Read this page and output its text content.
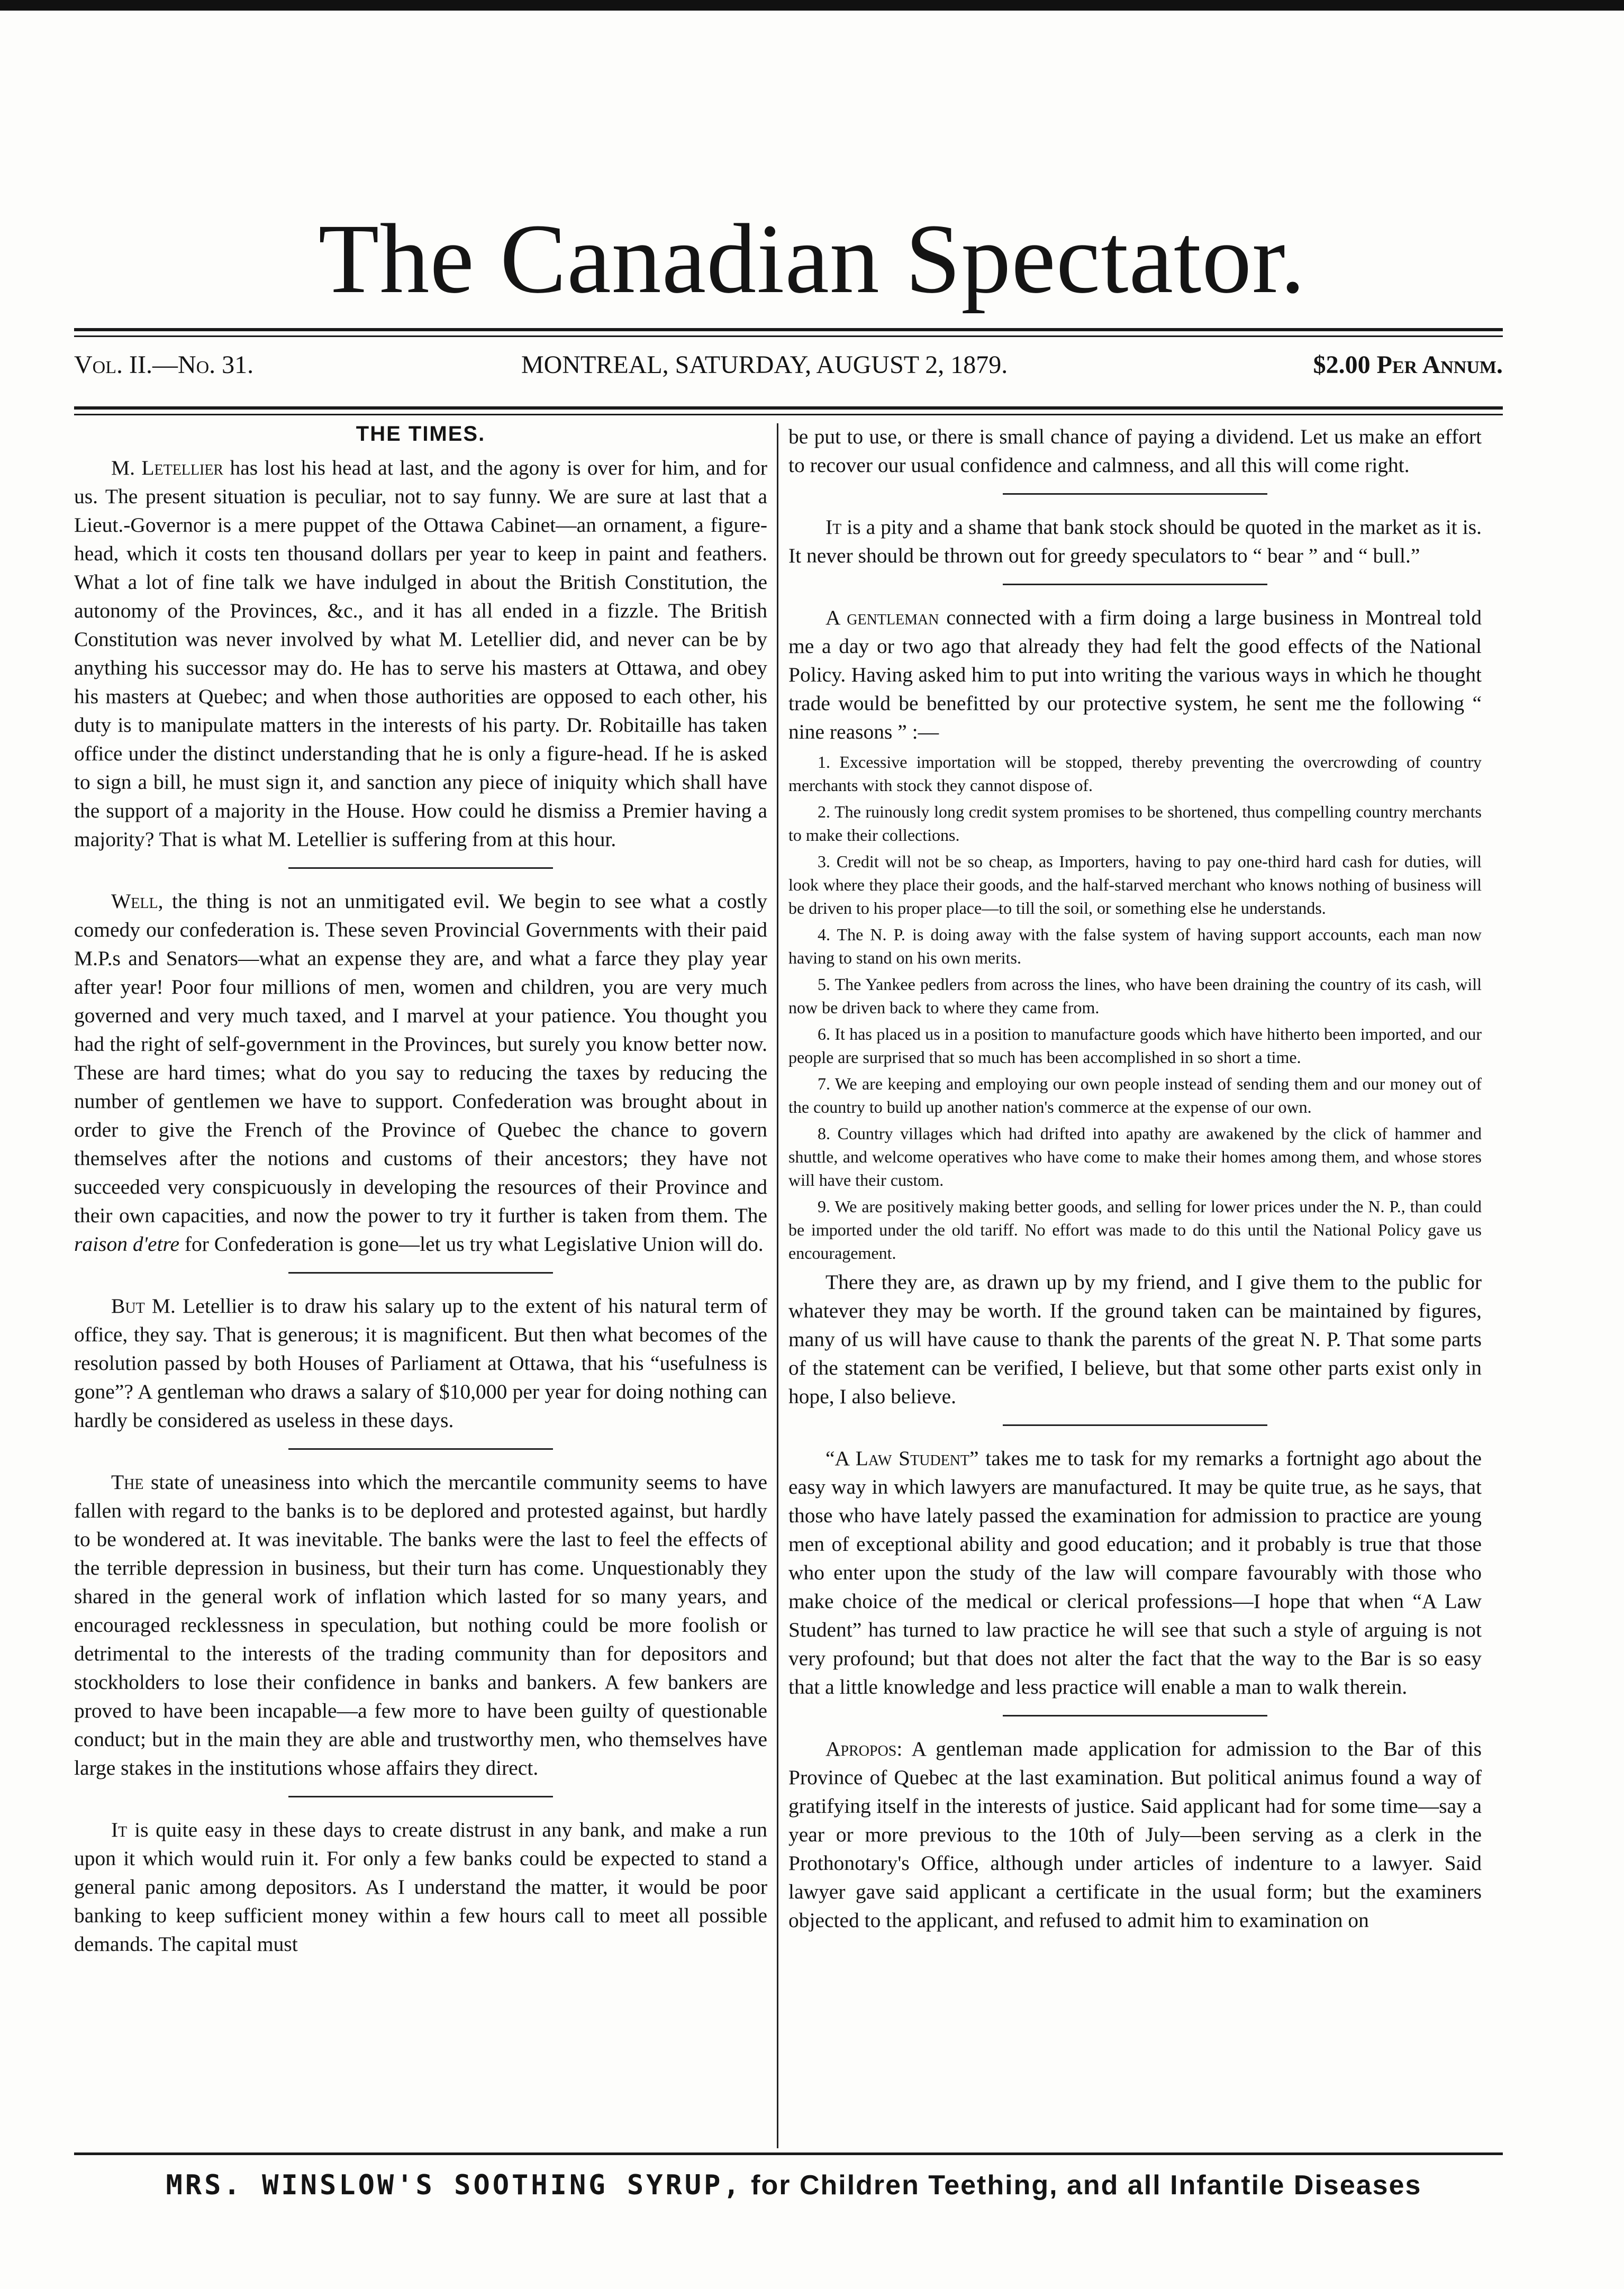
The Canadian Spectator.
Vol. II.—No. 31.	MONTREAL, SATURDAY, AUGUST 2, 1879.	$2.00 Per Annum.
THE TIMES.

M. Letellier has lost his head at last, and the agony is over for him, and for us. The present situation is peculiar, not to say funny. We are sure at last that a Lieut.-Governor is a mere puppet of the Ottawa Cabinet—an ornament, a figure-head, which it costs ten thousand dollars per year to keep in paint and feathers. What a lot of fine talk we have indulged in about the British Constitution, the autonomy of the Provinces, &c., and it has all ended in a fizzle. The British Constitution was never involved by what M. Letellier did, and never can be by anything his successor may do. He has to serve his masters at Ottawa, and obey his masters at Quebec; and when those authorities are opposed to each other, his duty is to manipulate matters in the interests of his party. Dr. Robitaille has taken office under the distinct understanding that he is only a figure-head. If he is asked to sign a bill, he must sign it, and sanction any piece of iniquity which shall have the support of a majority in the House. How could he dismiss a Premier having a majority? That is what M. Letellier is suffering from at this hour.

Well, the thing is not an unmitigated evil. We begin to see what a costly comedy our confederation is. These seven Provincial Governments with their paid M.P.s and Senators—what an expense they are, and what a farce they play year after year! Poor four millions of men, women and children, you are very much governed and very much taxed, and I marvel at your patience. You thought you had the right of self-government in the Provinces, but surely you know better now. These are hard times; what do you say to reducing the taxes by reducing the number of gentlemen we have to support. Confederation was brought about in order to give the French of the Province of Quebec the chance to govern themselves after the notions and customs of their ancestors; they have not succeeded very conspicuously in developing the resources of their Province and their own capacities, and now the power to try it further is taken from them. The raison d'etre for Confederation is gone—let us try what Legislative Union will do.

But M. Letellier is to draw his salary up to the extent of his natural term of office, they say. That is generous; it is magnificent. But then what becomes of the resolution passed by both Houses of Parliament at Ottawa, that his “usefulness is gone”? A gentleman who draws a salary of $10,000 per year for doing nothing can hardly be considered as useless in these days.

The state of uneasiness into which the mercantile community seems to have fallen with regard to the banks is to be deplored and protested against, but hardly to be wondered at. It was inevitable. The banks were the last to feel the effects of the terrible depression in business, but their turn has come. Unquestionably they shared in the general work of inflation which lasted for so many years, and encouraged recklessness in speculation, but nothing could be more foolish or detrimental to the interests of the trading community than for depositors and stockholders to lose their confidence in banks and bankers. A few bankers are proved to have been incapable—a few more to have been guilty of questionable conduct; but in the main they are able and trustworthy men, who themselves have large stakes in the institutions whose affairs they direct.

It is quite easy in these days to create distrust in any bank, and make a run upon it which would ruin it. For only a few banks could be expected to stand a general panic among depositors. As I understand the matter, it would be poor banking to keep sufficient money within a few hours call to meet all possible demands. The capital must

be put to use, or there is small chance of paying a dividend. Let us make an effort to recover our usual confidence and calmness, and all this will come right.

It is a pity and a shame that bank stock should be quoted in the market as it is. It never should be thrown out for greedy speculators to “ bear ” and “ bull.”

A gentleman connected with a firm doing a large business in Montreal told me a day or two ago that already they had felt the good effects of the National Policy. Having asked him to put into writing the various ways in which he thought trade would be benefitted by our protective system, he sent me the following “ nine reasons ” :—

1. Excessive importation will be stopped, thereby preventing the overcrowding of country merchants with stock they cannot dispose of.

2. The ruinously long credit system promises to be shortened, thus compelling country merchants to make their collections.

3. Credit will not be so cheap, as Importers, having to pay one-third hard cash for duties, will look where they place their goods, and the half-starved merchant who knows nothing of business will be driven to his proper place—to till the soil, or something else he understands.

4. The N. P. is doing away with the false system of having support accounts, each man now having to stand on his own merits.

5. The Yankee pedlers from across the lines, who have been draining the country of its cash, will now be driven back to where they came from.

6. It has placed us in a position to manufacture goods which have hitherto been imported, and our people are surprised that so much has been accomplished in so short a time.

7. We are keeping and employing our own people instead of sending them and our money out of the country to build up another nation's commerce at the expense of our own.

8. Country villages which had drifted into apathy are awakened by the click of hammer and shuttle, and welcome operatives who have come to make their homes among them, and whose stores will have their custom.

9. We are positively making better goods, and selling for lower prices under the N. P., than could be imported under the old tariff. No effort was made to do this until the National Policy gave us encouragement.

There they are, as drawn up by my friend, and I give them to the public for whatever they may be worth. If the ground taken can be maintained by figures, many of us will have cause to thank the parents of the great N. P. That some parts of the statement can be verified, I believe, but that some other parts exist only in hope, I also believe.

“A Law Student” takes me to task for my remarks a fortnight ago about the easy way in which lawyers are manufactured. It may be quite true, as he says, that those who have lately passed the examination for admission to practice are young men of exceptional ability and good education; and it probably is true that those who enter upon the study of the law will compare favourably with those who make choice of the medical or clerical professions—I hope that when “A Law Student” has turned to law practice he will see that such a style of arguing is not very profound; but that does not alter the fact that the way to the Bar is so easy that a little knowledge and less practice will enable a man to walk therein.

Apropos: A gentleman made application for admission to the Bar of this Province of Quebec at the last examination. But political animus found a way of gratifying itself in the interests of justice. Said applicant had for some time—say a year or more previous to the 10th of July—been serving as a clerk in the Prothonotary's Office, although under articles of indenture to a lawyer. Said lawyer gave said applicant a certificate in the usual form; but the examiners objected to the applicant, and refused to admit him to examination on

MRS. WINSLOW'S SOOTHING SYRUP, for Children Teething, and all Infantile Diseases
